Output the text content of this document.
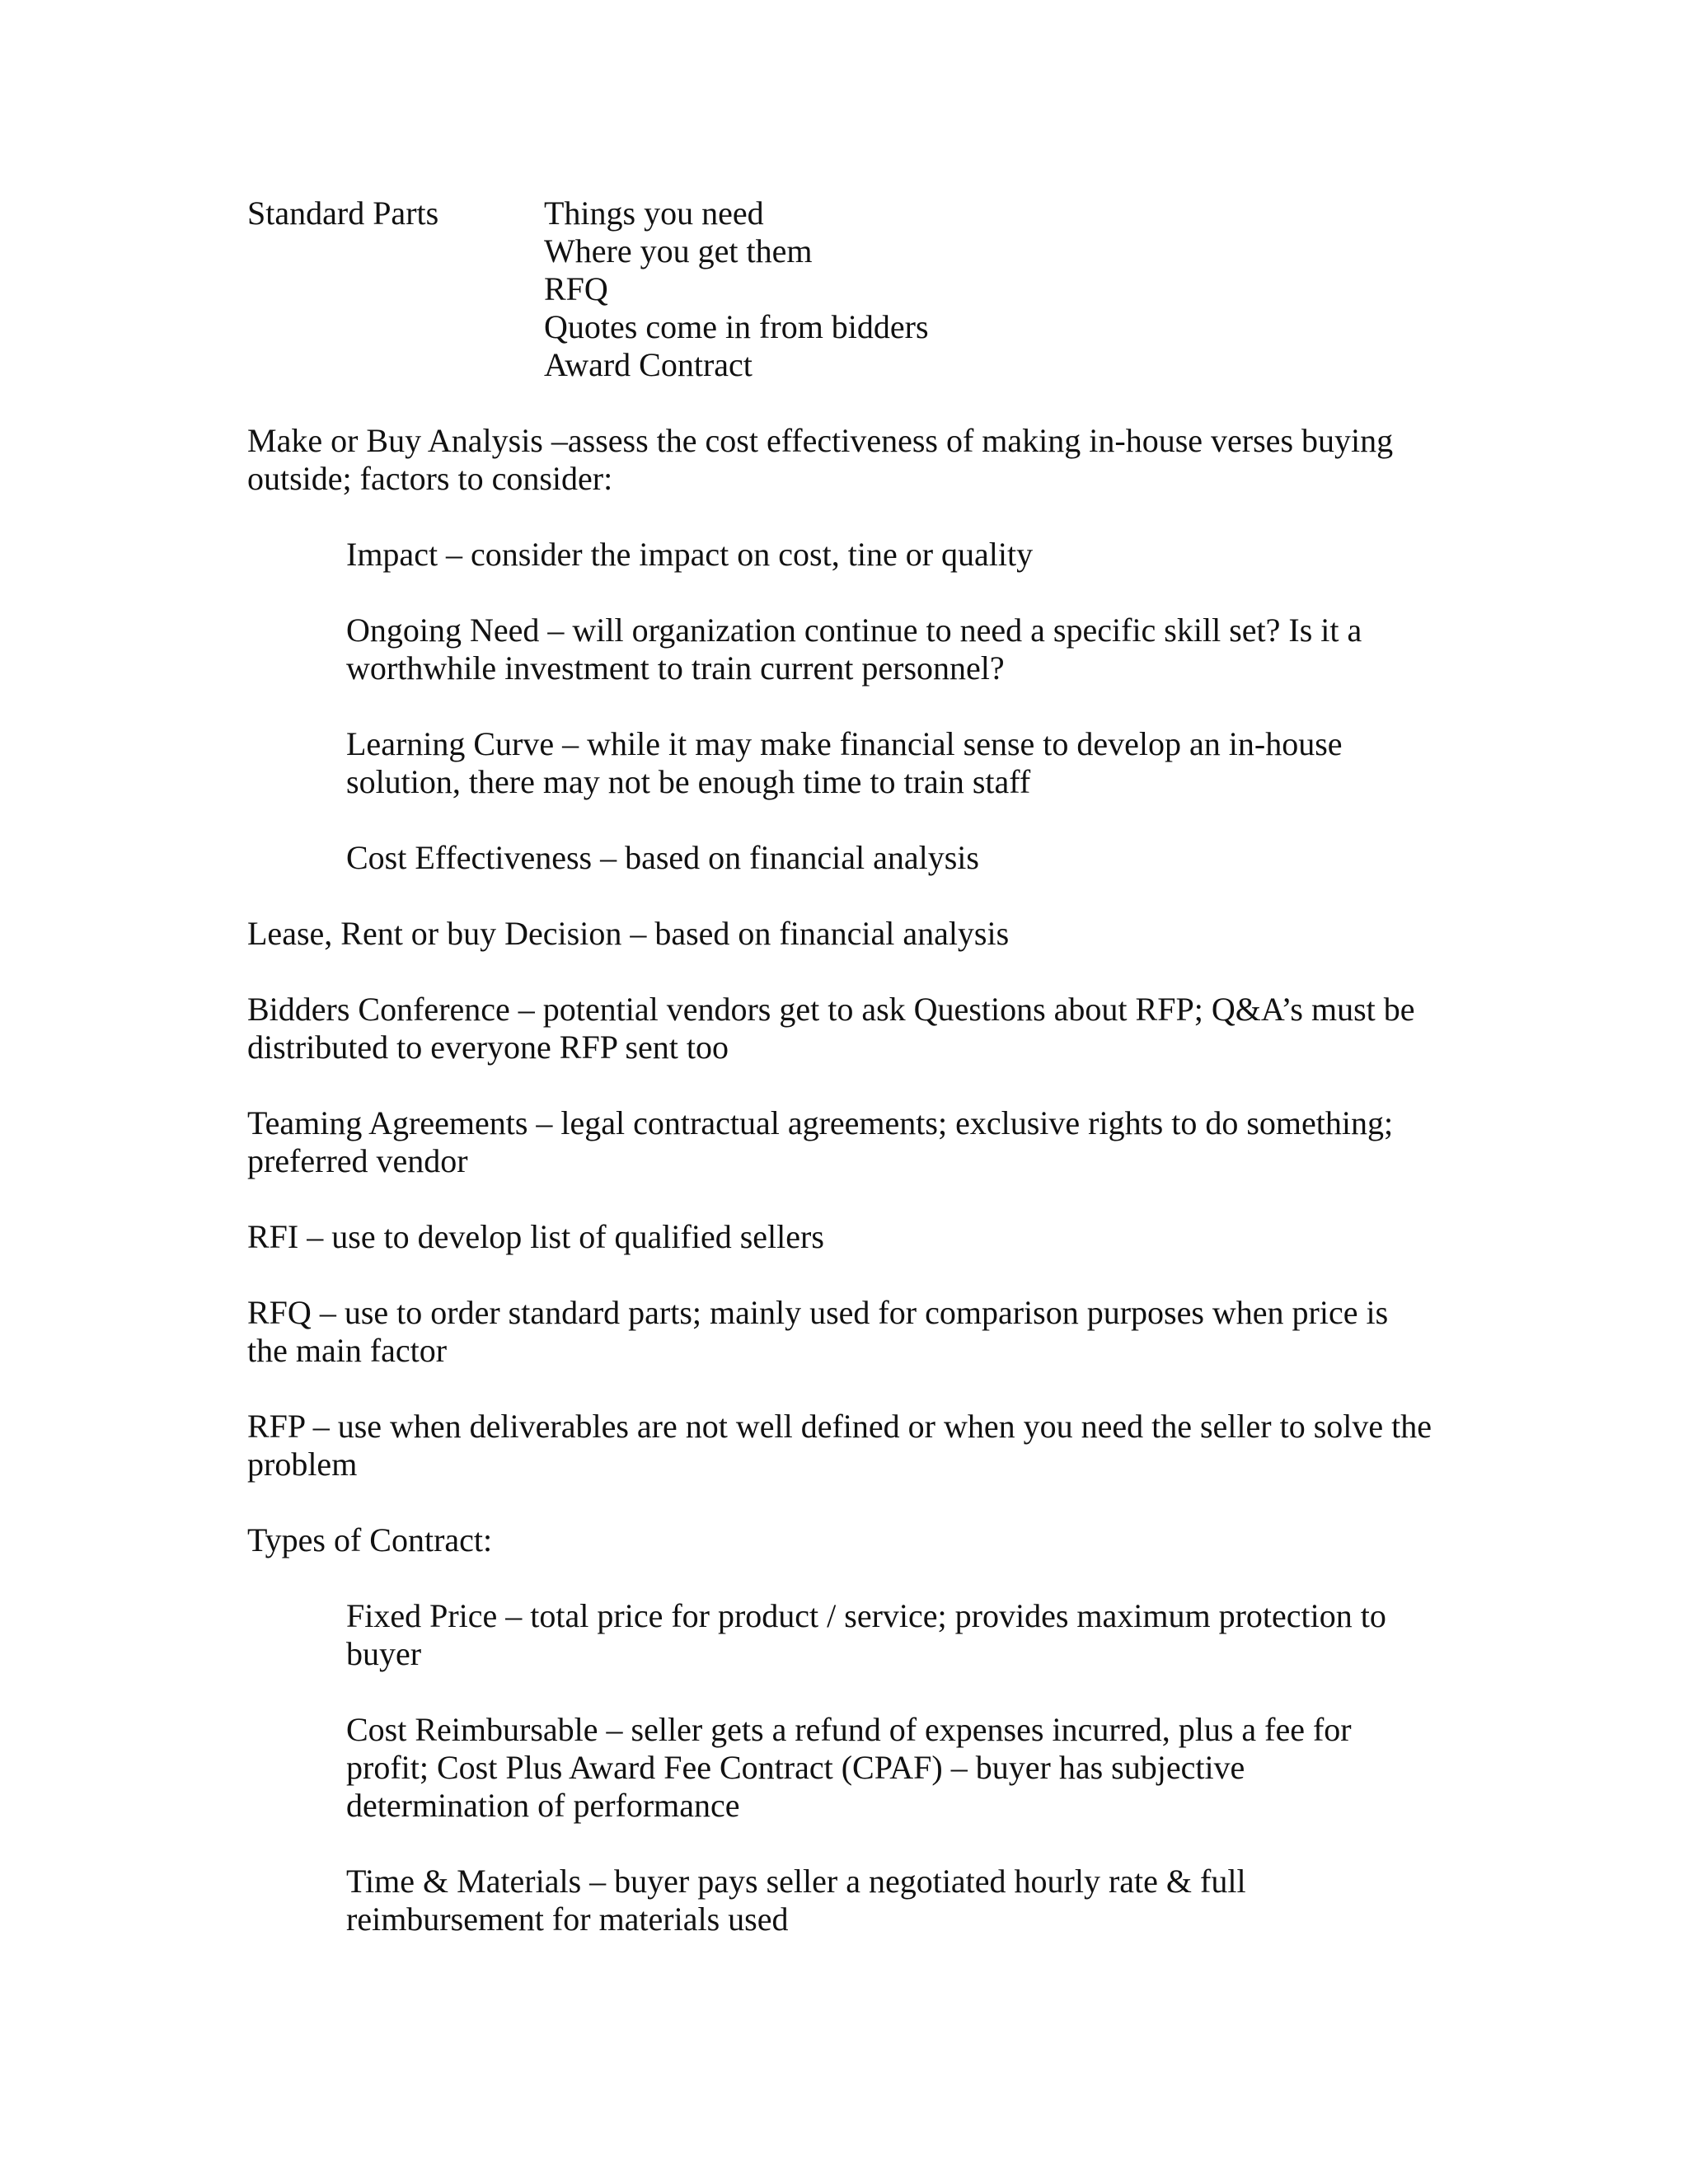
Standard Parts	Things you need
Where you get them
RFQ
Quotes come in from bidders
Award Contract
Make or Buy Analysis –assess the cost effectiveness of making in-house verses buying
outside; factors to consider:
Impact – consider the impact on cost, tine or quality
Ongoing Need – will organization continue to need a specific skill set? Is it a
worthwhile investment to train current personnel?
Learning Curve – while it may make financial sense to develop an in-house
solution, there may not be enough time to train staff
Cost Effectiveness – based on financial analysis
Lease, Rent or buy Decision – based on financial analysis
Bidders Conference – potential vendors get to ask Questions about RFP; Q&A’s must be
distributed to everyone RFP sent too
Teaming Agreements – legal contractual agreements; exclusive rights to do something;
preferred vendor
RFI – use to develop list of qualified sellers
RFQ – use to order standard parts; mainly used for comparison purposes when price is
the main factor
RFP – use when deliverables are not well defined or when you need the seller to solve the
problem
Types of Contract:
Fixed Price – total price for product / service; provides maximum protection to
buyer
Cost Reimbursable – seller gets a refund of expenses incurred, plus a fee for
profit; Cost Plus Award Fee Contract (CPAF) – buyer has subjective
determination of performance
Time & Materials – buyer pays seller a negotiated hourly rate & full
reimbursement for materials used
